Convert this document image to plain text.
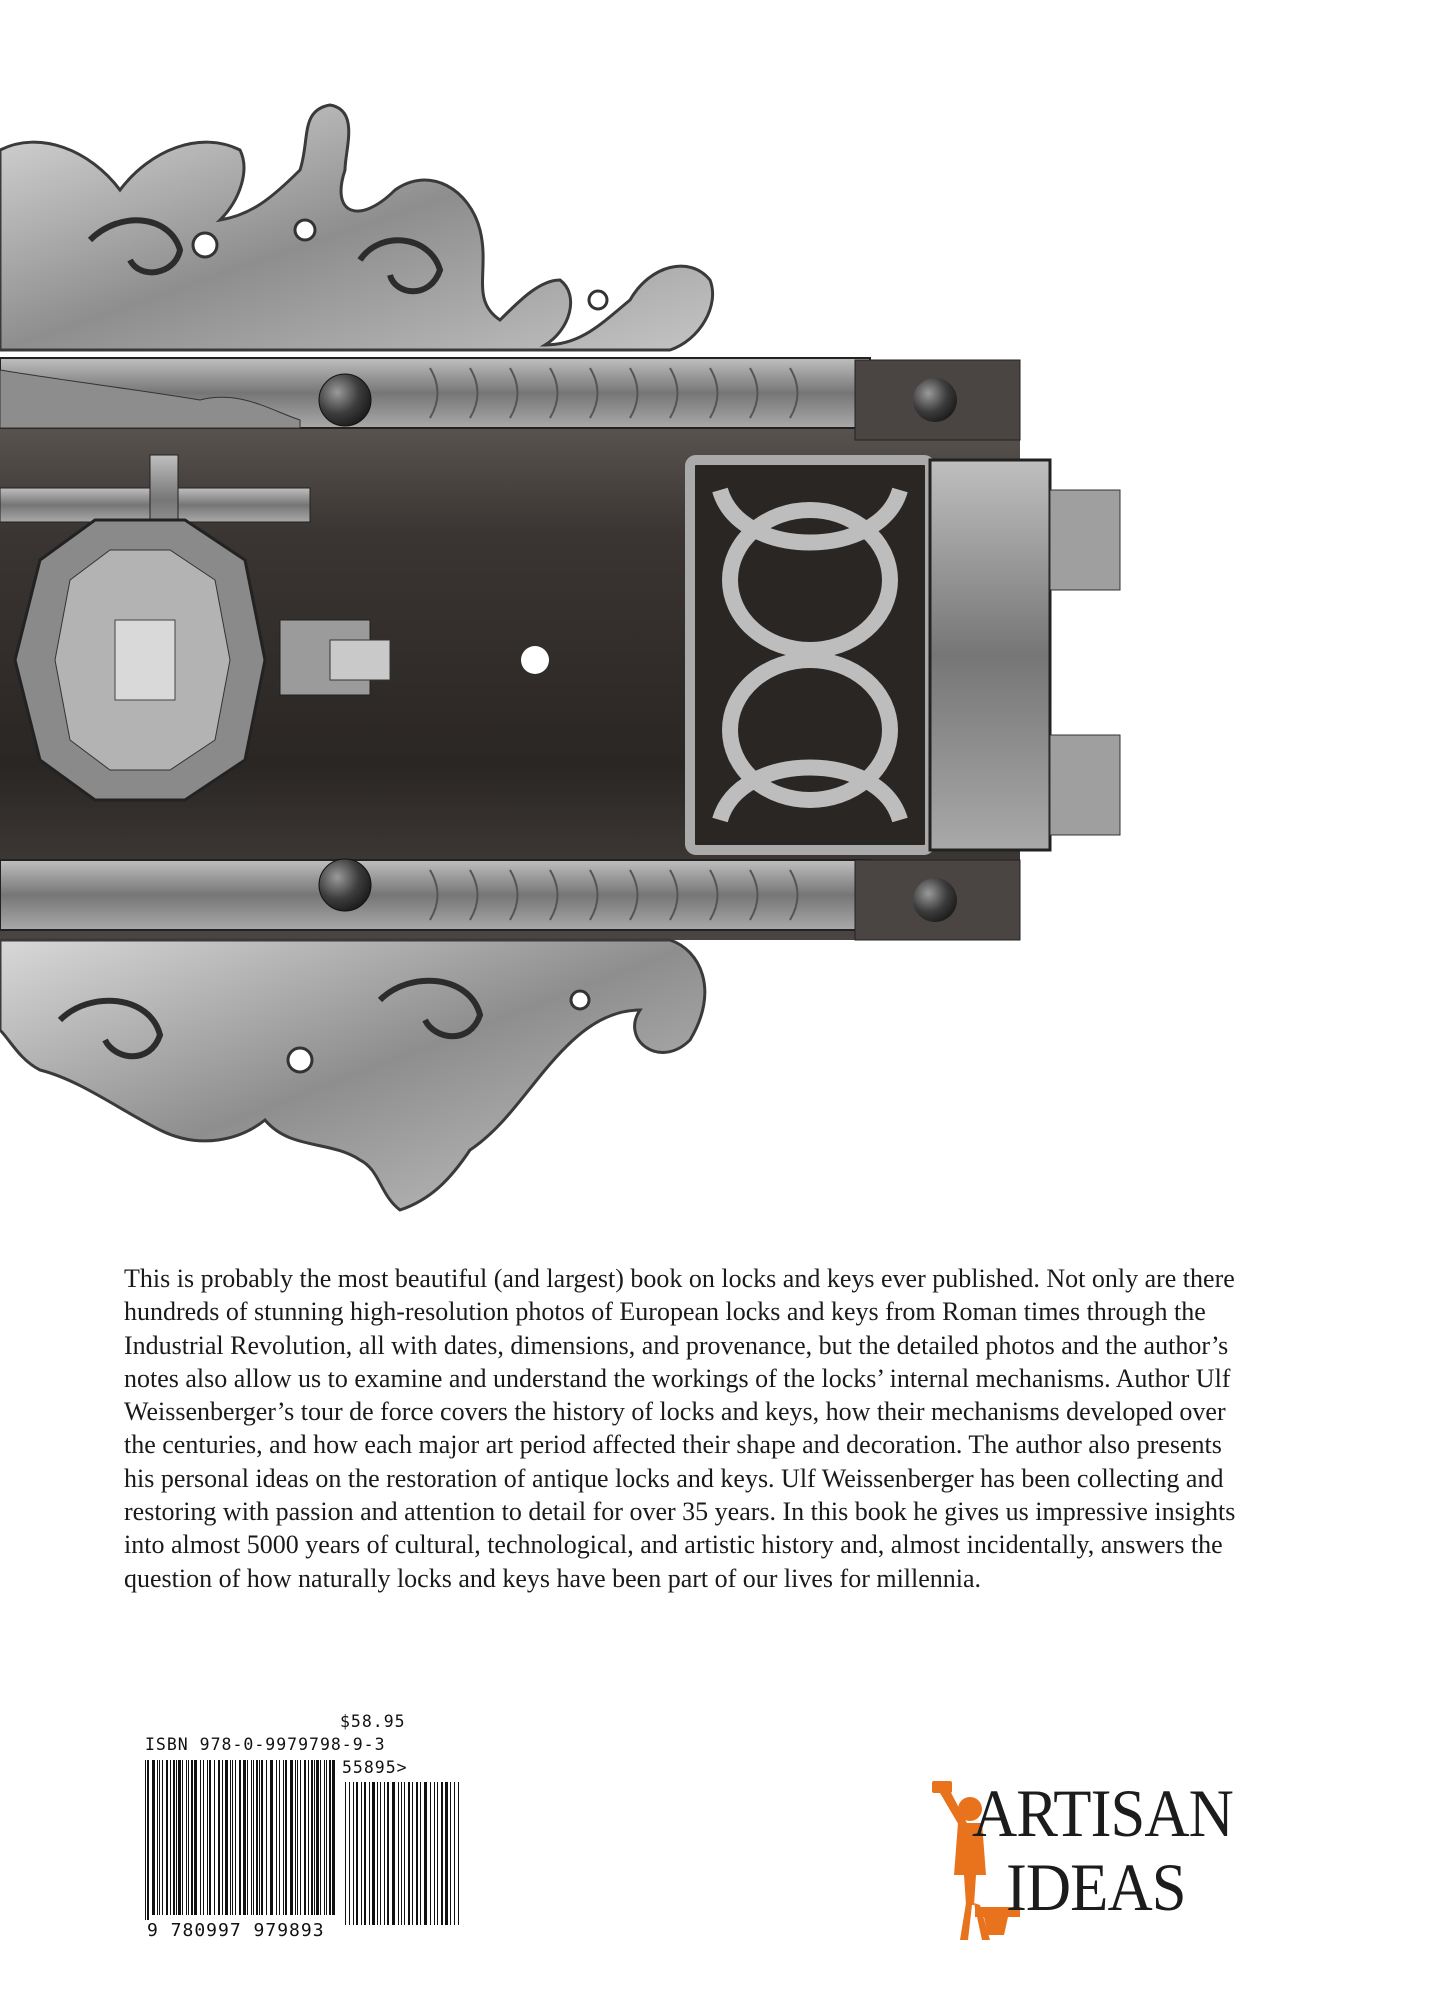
This is probably the most beautiful (and largest) book on locks and keys ever published. Not only are there hundreds of stunning high-resolution photos of European locks and keys from Roman times through the Industrial Revolution, all with dates, dimensions, and provenance, but the detailed photos and the author’s notes also allow us to examine and understand the workings of the locks’ internal mechanisms. Author Ulf Weissenberger’s tour de force covers the history of locks and keys, how their mechanisms developed over the centuries, and how each major art period affected their shape and decoration. The author also presents his personal ideas on the restoration of antique locks and keys. Ulf Weissenberger has been collecting and restoring with passion and attention to detail for over 35 years. In this book he gives us impressive insights into almost 5000 years of cultural, technological, and artistic history and, almost incidentally, answers the question of how naturally locks and keys have been part of our lives for millennia.

$58.95
ISBN 978-0-9979798-9-3
55895>
9 780997 979893
ARTISAN
IDEAS
